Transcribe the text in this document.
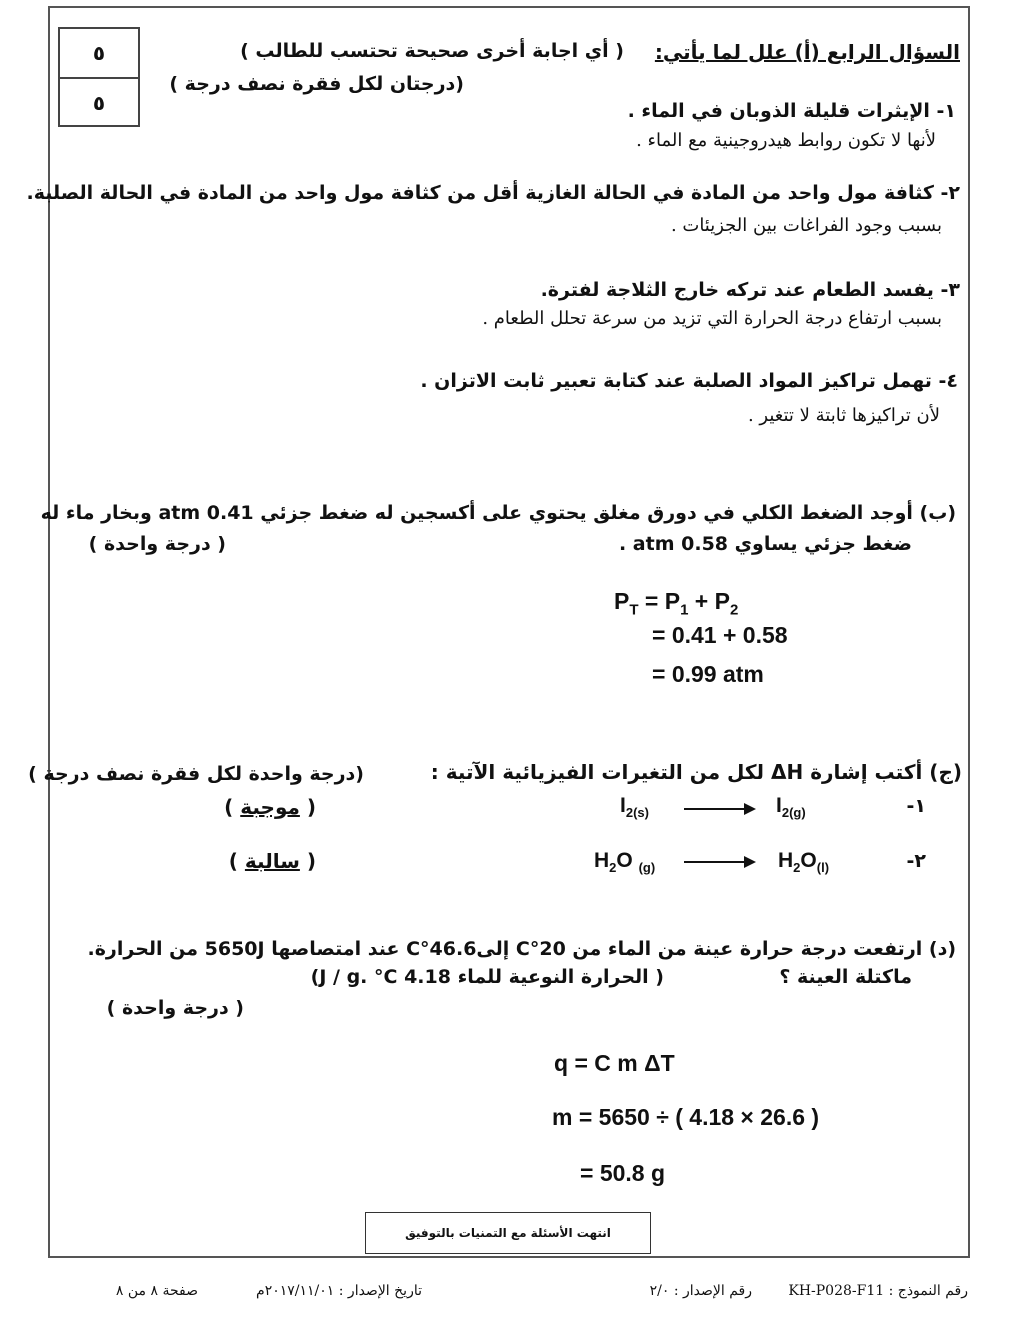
٥
٥
السؤال الرابع (أ) علل لما يأتي:
( أي اجابة أخرى صحيحة تحتسب للطالب )
(درجتان لكل فقرة نصف درجة )
١- الإيثرات قليلة الذوبان في الماء .
لأنها لا تكون روابط هيدروجينية مع الماء .
٢- كثافة مول واحد من المادة في الحالة الغازية أقل من كثافة مول واحد من المادة في الحالة الصلبة.
بسبب وجود الفراغات بين الجزيئات .
٣- يفسد الطعام عند تركه خارج الثلاجة لفترة.
بسبب ارتفاع درجة الحرارة التي تزيد من سرعة تحلل الطعام .
٤- تهمل تراكيز المواد الصلبة عند كتابة تعبير ثابت الاتزان .
لأن تراكيزها ثابتة لا تتغير .
(ب) أوجد الضغط الكلي في دورق مغلق يحتوي على أكسجين له ضغط جزئي 0.41 atm وبخار ماء له
ضغط جزئي يساوي 0.58 atm .
( درجة واحدة )
$P_T = P_1 + P_2$
= 0.41 + 0.58
= 0.99 atm
(ج) أكتب إشارة ΔH لكل من التغيرات الفيزيائية الآتية :
(درجة واحدة لكل فقرة نصف درجة )
١-
$I_{2(g)}$
$I_{2(s)}$
( موجبة )
٢-
$H_2O_{(l)}$
$H_2O$ $_{(g)}$
( سالبة )
(د) ارتفعت درجة حرارة عينة من الماء من 20°C إلى46.6°C عند امتصاصها 5650J من الحرارة.
ماكتلة العينة ؟
( الحرارة النوعية للماء 4.18 J / g. °C)
( درجة واحدة )
q = C m ΔT
m = 5650 ÷ ( 4.18 × 26.6 )
= 50.8 g
انتهت الأسئلة مع التمنيات بالتوفيق
رقم النموذج : KH-P028-F11
رقم الإصدار : ٢/٠
تاريخ الإصدار : ٢٠١٧/١١/٠١م
صفحة ٨ من ٨
